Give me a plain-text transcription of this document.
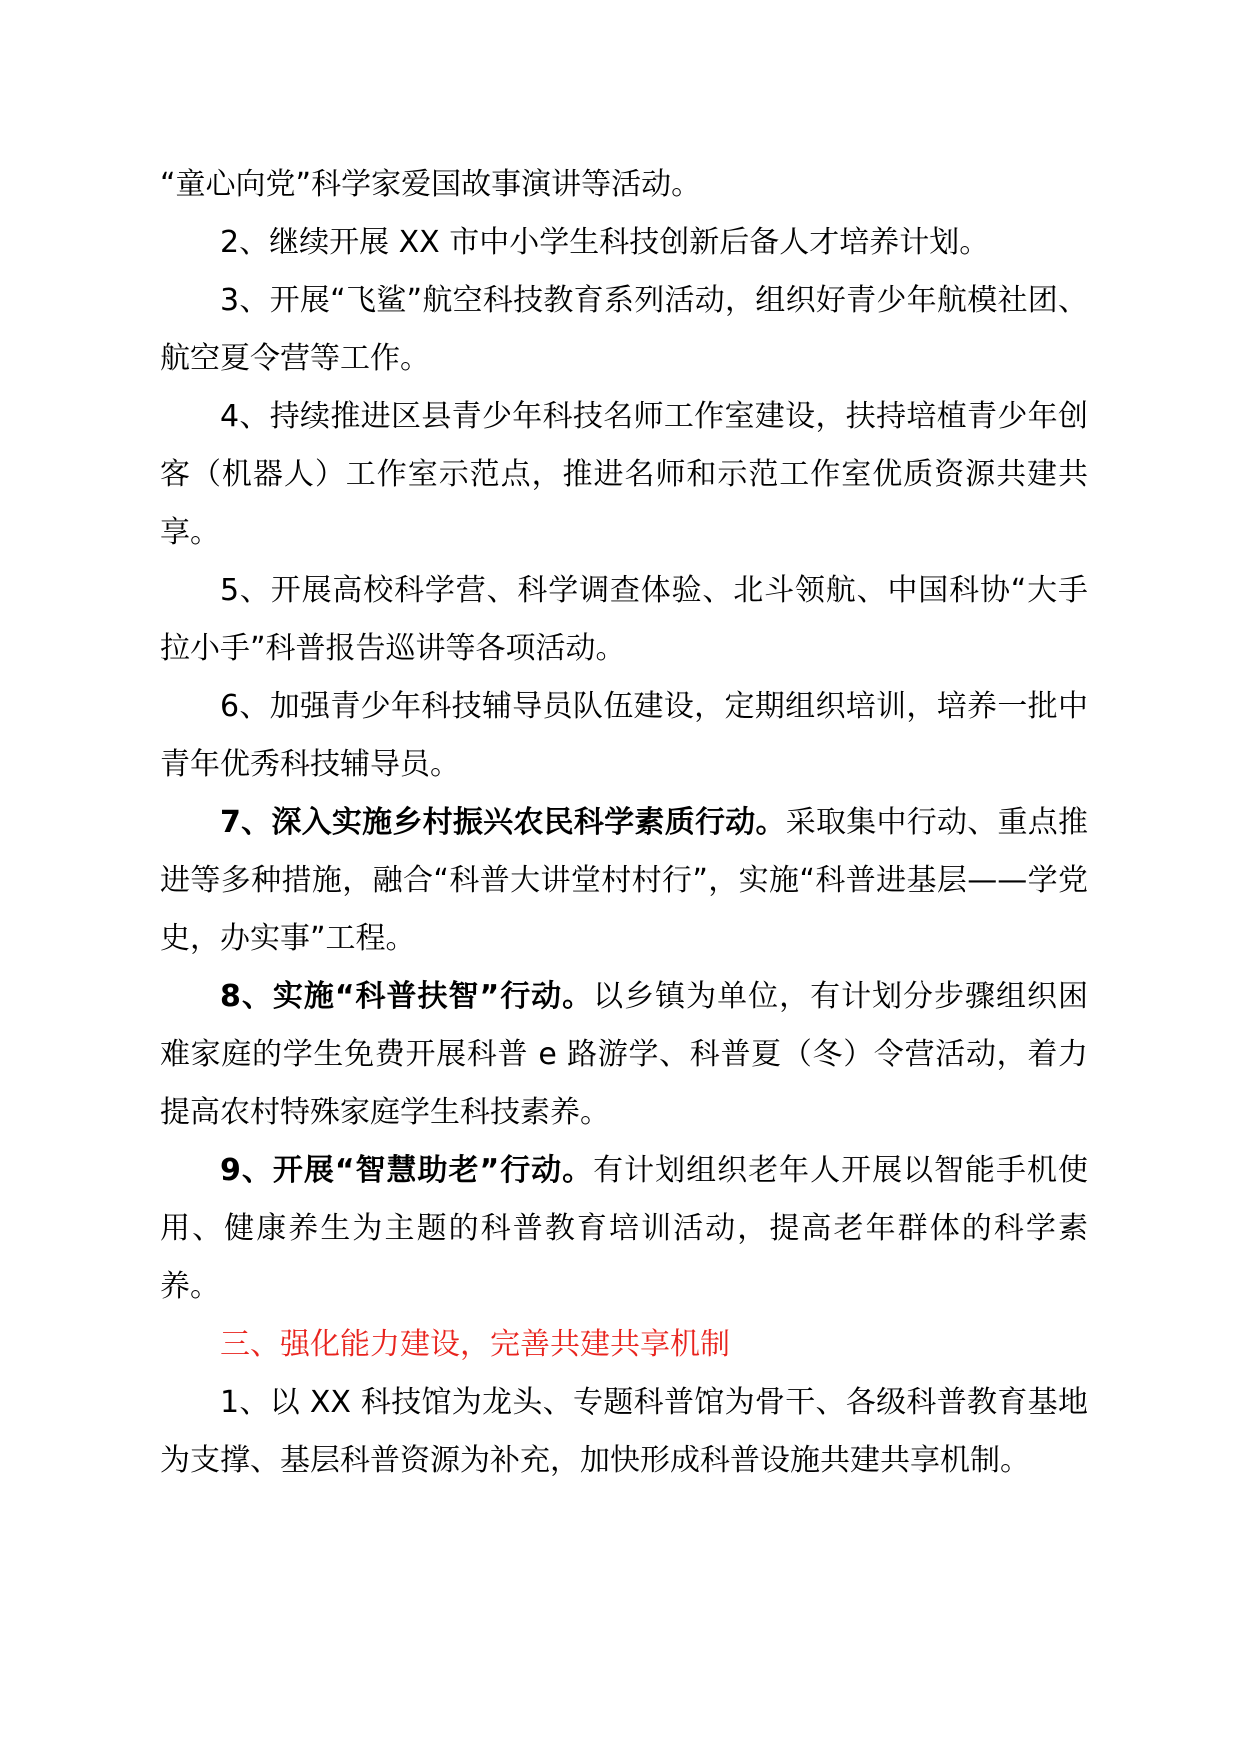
“童心向党”科学家爱国故事演讲等活动。

2、继续开展 XX 市中小学生科技创新后备人才培养计划。

3、开展“飞鲨”航空科技教育系列活动，组织好青少年航模社团、航空夏令营等工作。

4、持续推进区县青少年科技名师工作室建设，扶持培植青少年创客（机器人）工作室示范点，推进名师和示范工作室优质资源共建共享。

5、开展高校科学营、科学调查体验、北斗领航、中国科协“大手拉小手”科普报告巡讲等各项活动。

6、加强青少年科技辅导员队伍建设，定期组织培训，培养一批中青年优秀科技辅导员。

7、深入实施乡村振兴农民科学素质行动。采取集中行动、重点推进等多种措施，融合“科普大讲堂村村行”，实施“科普进基层——学党史，办实事”工程。

8、实施“科普扶智”行动。以乡镇为单位，有计划分步骤组织困难家庭的学生免费开展科普 e 路游学、科普夏（冬）令营活动，着力提高农村特殊家庭学生科技素养。

9、开展“智慧助老”行动。有计划组织老年人开展以智能手机使用、健康养生为主题的科普教育培训活动，提高老年群体的科学素养。

三、强化能力建设，完善共建共享机制

1、以 XX 科技馆为龙头、专题科普馆为骨干、各级科普教育基地为支撑、基层科普资源为补充，加快形成科普设施共建共享机制。
